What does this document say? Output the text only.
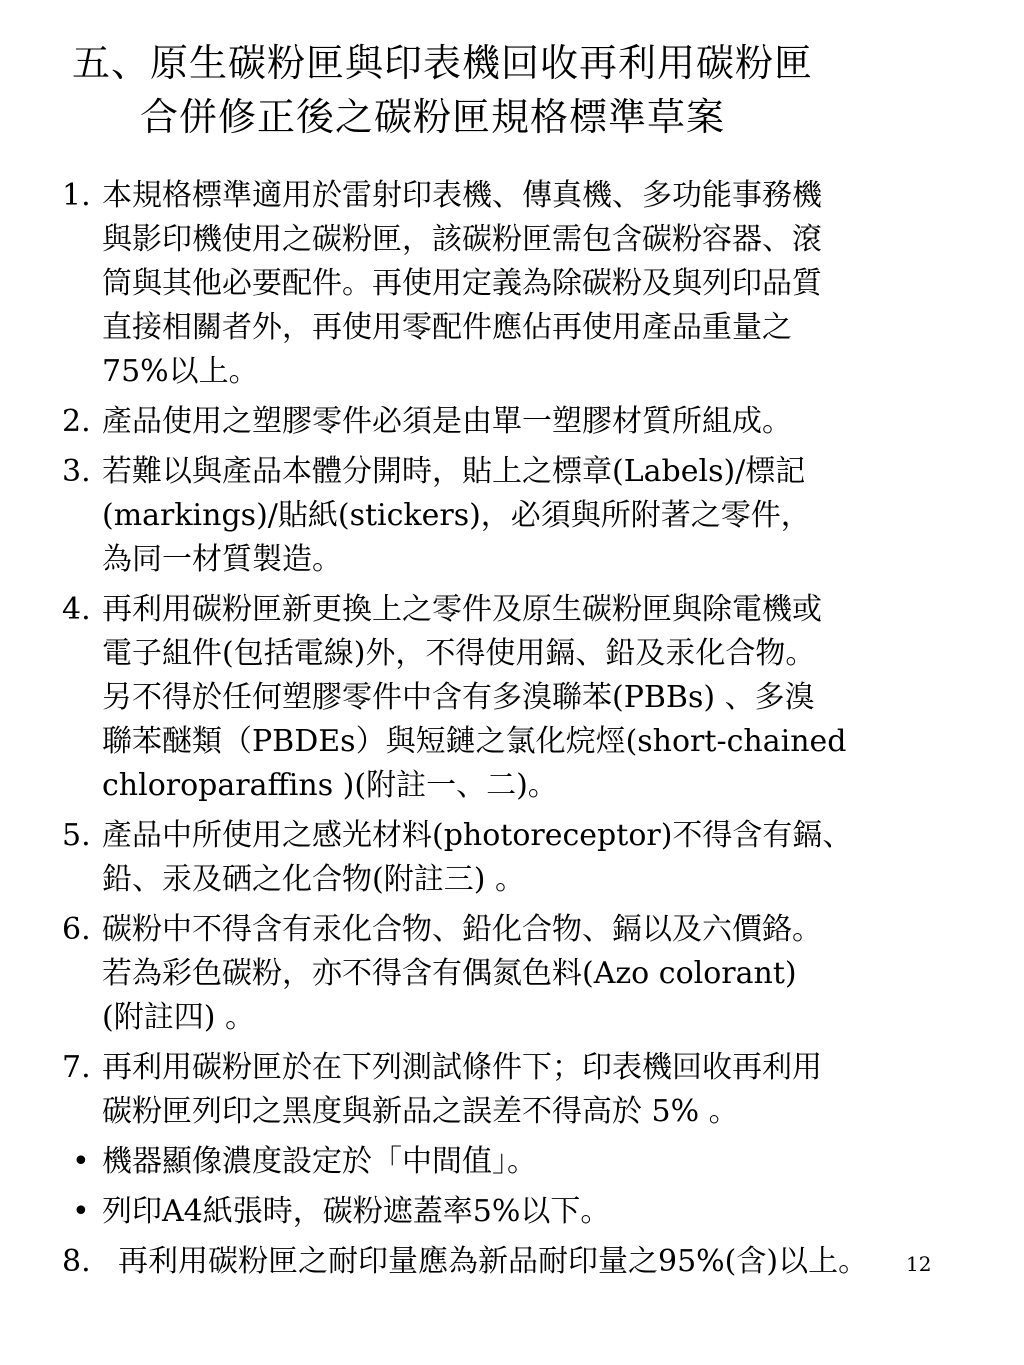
五、原生碳粉匣與印表機回收再利用碳粉匣
合併修正後之碳粉匣規格標準草案
1. 本規格標準適用於雷射印表機、傳真機、多功能事務機
與影印機使用之碳粉匣，該碳粉匣需包含碳粉容器、滾
筒與其他必要配件。再使用定義為除碳粉及與列印品質
直接相關者外，再使用零配件應佔再使用產品重量之
75%以上。
2. 產品使用之塑膠零件必須是由單一塑膠材質所組成。
3. 若難以與產品本體分開時，貼上之標章(Labels)/標記
(markings)/貼紙(stickers)，必須與所附著之零件，
為同一材質製造。
4. 再利用碳粉匣新更換上之零件及原生碳粉匣與除電機或
電子組件(包括電線)外，不得使用鎘、鉛及汞化合物。
另不得於任何塑膠零件中含有多溴聯苯(PBBs) 、多溴
聯苯醚類（PBDEs）與短鏈之氯化烷烴(short-chained
chloroparaffins )(附註一、二)。
5. 產品中所使用之感光材料(photoreceptor)不得含有鎘、
鉛、汞及硒之化合物(附註三) 。
6. 碳粉中不得含有汞化合物、鉛化合物、鎘以及六價鉻。
若為彩色碳粉，亦不得含有偶氮色料(Azo colorant)
(附註四) 。
7. 再利用碳粉匣於在下列測試條件下；印表機回收再利用
碳粉匣列印之黑度與新品之誤差不得高於 5% 。
• 機器顯像濃度設定於「中間值」。
• 列印A4紙張時，碳粉遮蓋率5%以下。
8. 再利用碳粉匣之耐印量應為新品耐印量之95%(含)以上。 12
